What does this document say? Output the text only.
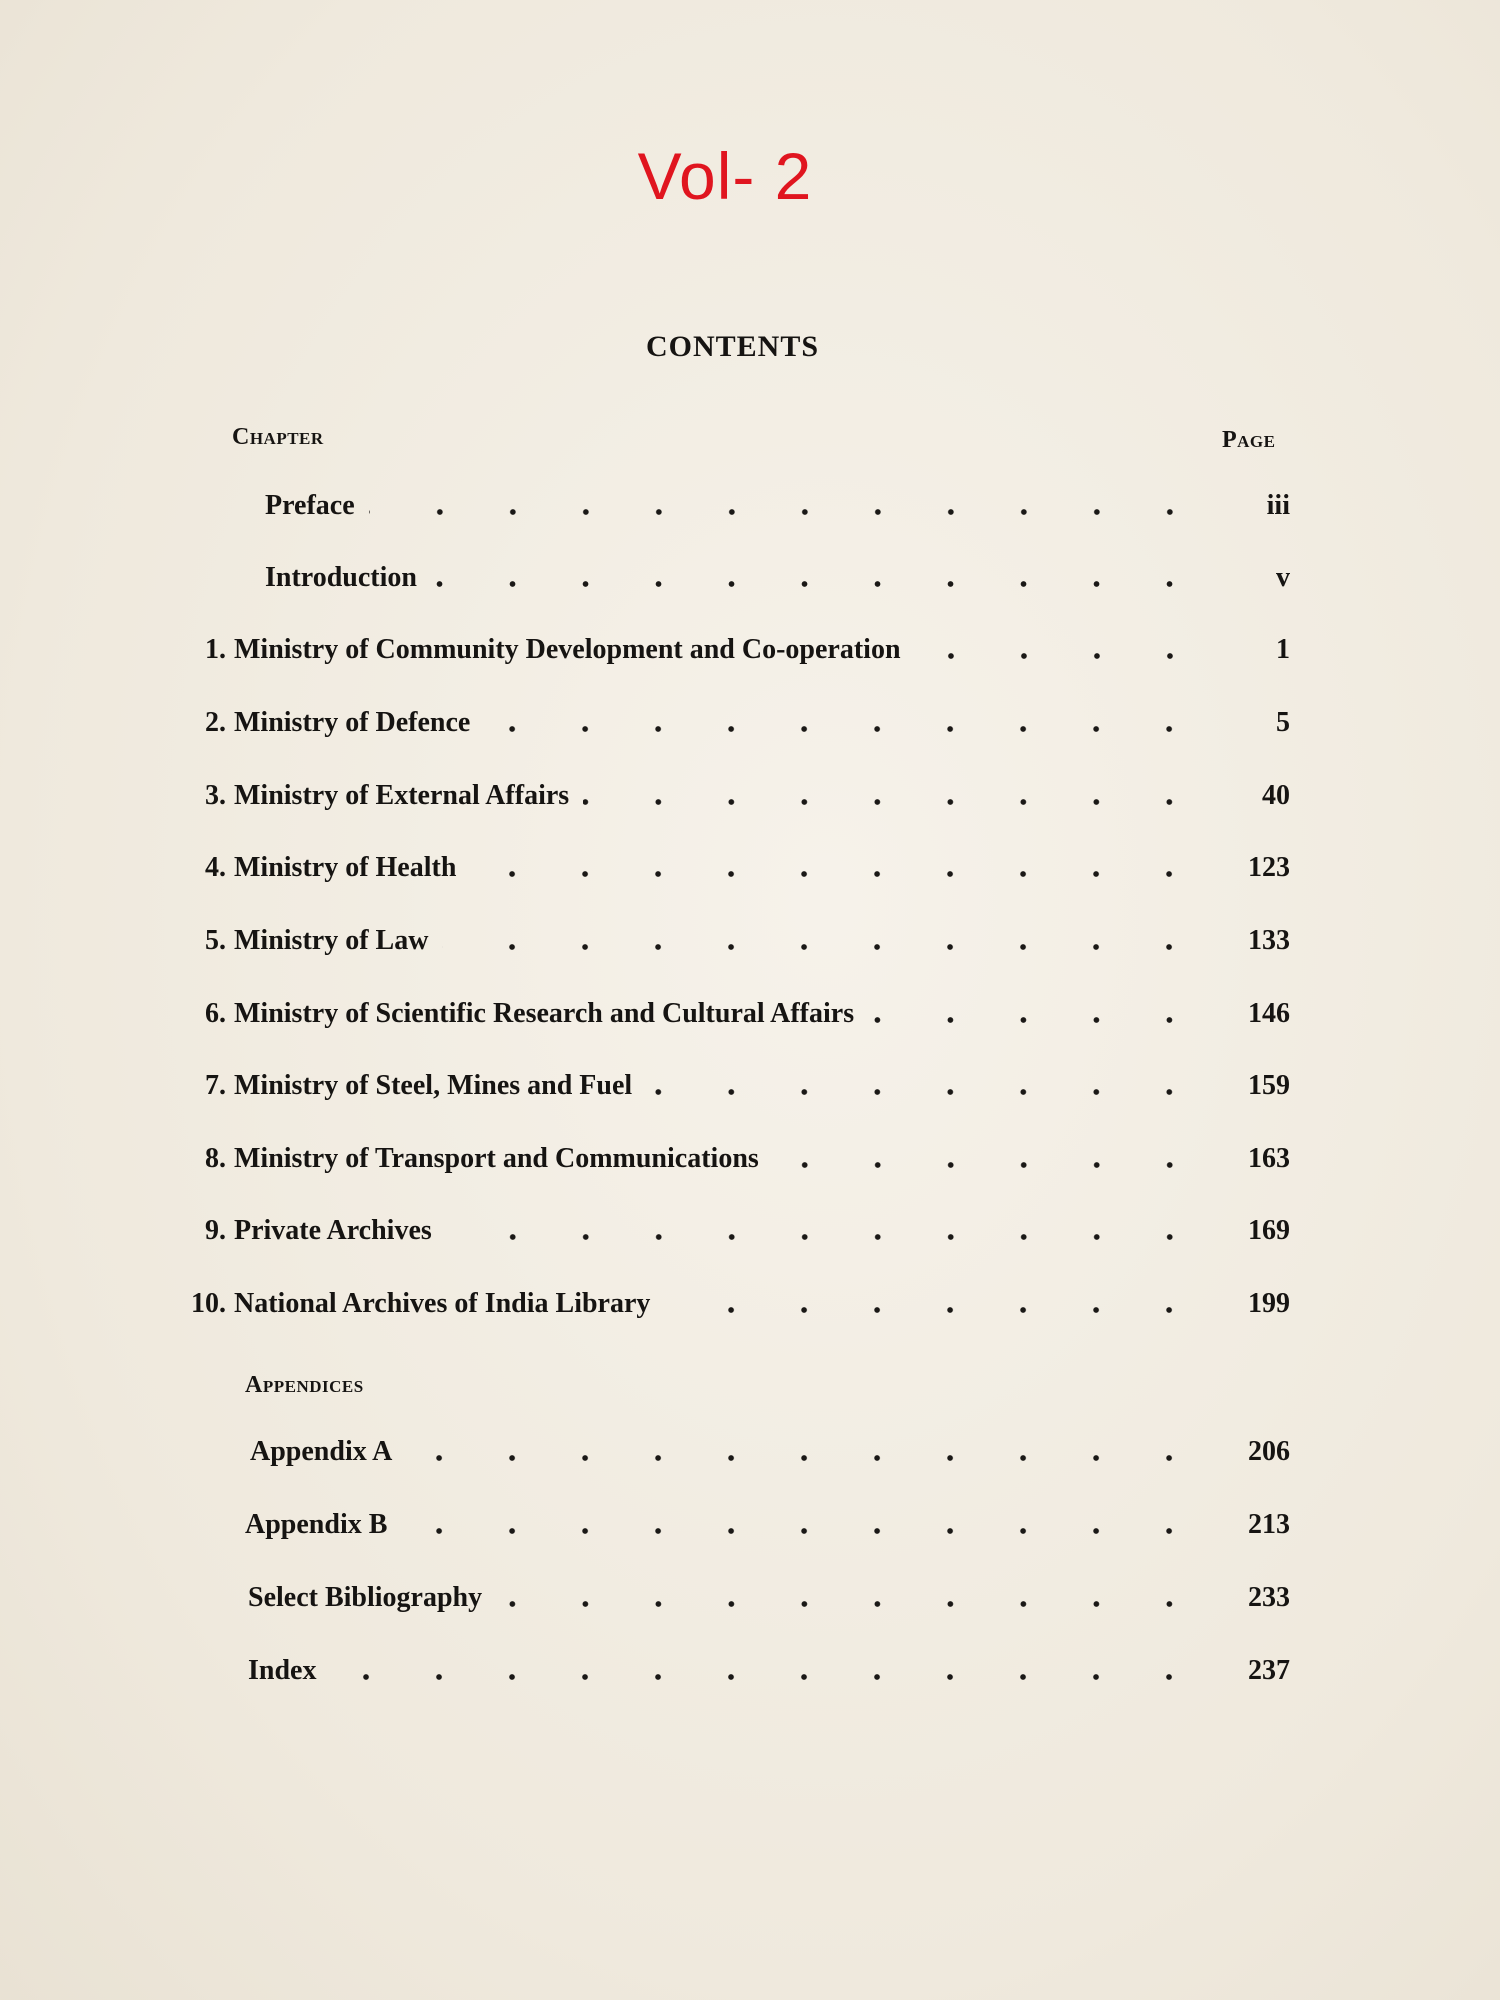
Vol- 2
CONTENTS
Chapter	Page
Preface	iii
Introduction	v
1. Ministry of Community Development and Co-operation	1
2. Ministry of Defence	5
3. Ministry of External Affairs	40
4. Ministry of Health	123
5. Ministry of Law	133
6. Ministry of Scientific Research and Cultural Affairs	146
7. Ministry of Steel, Mines and Fuel	159
8. Ministry of Transport and Communications	163
9. Private Archives	169
10. National Archives of India Library	199
Appendices
Appendix A	206
Appendix B	213
Select Bibliography	233
Index	237
